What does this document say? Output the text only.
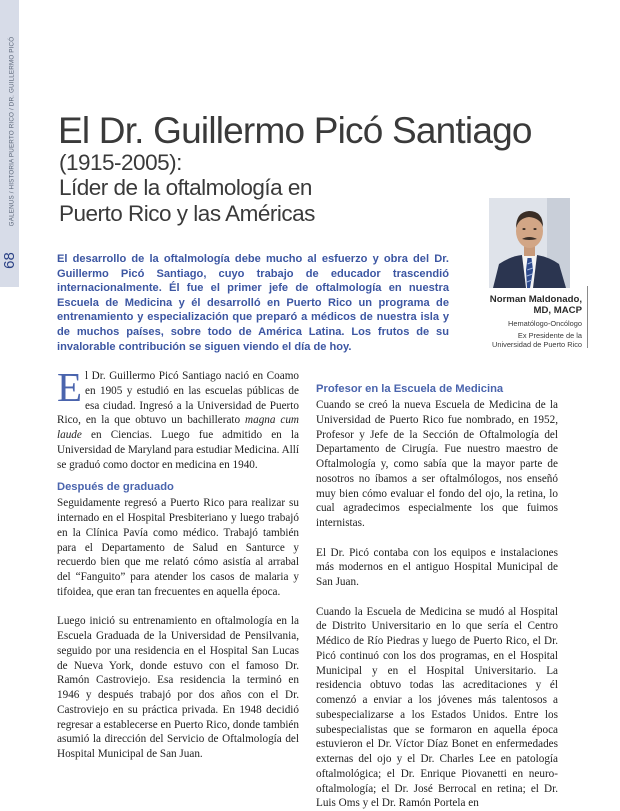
GALENUS / HISTORIA PUERTO RICO / DR. GUILLERMO PICÓ
68
El Dr. Guillermo Picó Santiago
(1915-2005):
Líder de la oftalmología en
Puerto Rico y las Américas
Norman Maldonado,
MD, MACP
Hematólogo-Oncólogo
Ex Presidente de la
Universidad de Puerto Rico

El desarrollo de la oftalmología debe mucho al esfuerzo y obra del Dr. Guillermo Picó Santiago, cuyo trabajo de educador trascendió internacionalmente. Él fue el primer jefe de oftalmología en nuestra Escuela de Medicina y él desarrolló en Puerto Rico un programa de entrenamiento y especialización que preparó a médicos de nuestra isla y de muchos países, sobre todo de América Latina. Los frutos de su invalorable contribución se siguen viendo el día de hoy.

El Dr. Guillermo Picó Santiago nació en Coamo en 1905 y estudió en las escuelas públicas de esa ciudad. Ingresó a la Universidad de Puerto Rico, en la que obtuvo un bachillerato magna cum laude en Ciencias. Luego fue admitido en la Universidad de Maryland para estudiar Medicina. Allí se graduó como doctor en medicina en 1940.

Después de graduado

Seguidamente regresó a Puerto Rico para realizar su internado en el Hospital Presbiteriano y luego trabajó en la Clínica Pavía como médico. Trabajó también para el Departamento de Salud en Santurce y recuerdo bien que me relató cómo asistía al arrabal del “Fanguito” para atender los casos de malaria y tifoidea, que eran tan frecuentes en aquella época.

Luego inició su entrenamiento en oftalmología en la Escuela Graduada de la Universidad de Pensilvania, seguido por una residencia en el Hospital San Lucas de Nueva York, donde estuvo con el famoso Dr. Ramón Castroviejo. Esa residencia la terminó en 1946 y después trabajó por dos años con el Dr. Castroviejo en su práctica privada. En 1948 decidió regresar a establecerse en Puerto Rico, donde también asumió la dirección del Servicio de Oftalmología del Hospital Municipal de San Juan.

Profesor en la Escuela de Medicina

Cuando se creó la nueva Escuela de Medicina de la Universidad de Puerto Rico fue nombrado, en 1952, Profesor y Jefe de la Sección de Oftalmología del Departamento de Cirugía. Fue nuestro maestro de Oftalmología y, como sabía que la mayor parte de nosotros no íbamos a ser oftalmólogos, nos enseñó muy bien cómo evaluar el fondo del ojo, la retina, lo cual agradecimos especialmente los que fuimos internistas.

El Dr. Picó contaba con los equipos e instalaciones más modernos en el antiguo Hospital Municipal de San Juan.

Cuando la Escuela de Medicina se mudó al Hospital de Distrito Universitario en lo que sería el Centro Médico de Río Piedras y luego de Puerto Rico, el Dr. Picó continuó con los dos programas, en el Hospital Municipal y en el Hospital Universitario. La residencia obtuvo todas las acreditaciones y él comenzó a enviar a los jóvenes más talentosos a subespecializarse a los Estados Unidos. Entre los subespecialistas que se formaron en aquella época estuvieron el Dr. Víctor Díaz Bonet en enfermedades externas del ojo y el Dr. Charles Lee en patología oftalmológica; el Dr. Enrique Piovanetti en neuro-oftalmología; el Dr. José Berrocal en retina; el Dr. Luis Oms y el Dr. Ramón Portela en
